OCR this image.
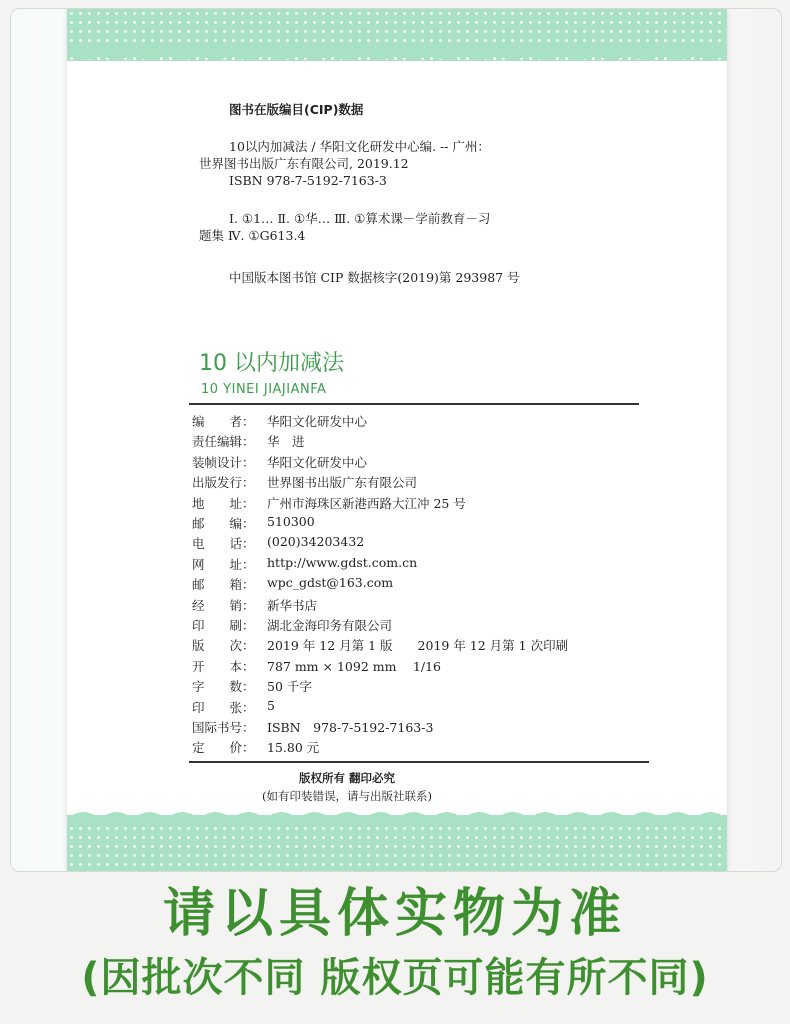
图书在版编目(CIP)数据
10以内加减法 / 华阳文化研发中心编. -- 广州：
世界图书出版广东有限公司, 2019.12
ISBN 978-7-5192-7163-3
Ⅰ. ①1… Ⅱ. ①华… Ⅲ. ①算术课－学前教育－习
题集 Ⅳ. ①G613.4
中国版本图书馆 CIP 数据核字(2019)第 293987 号
10 以内加减法
10 YINEI JIAJIANFA
编　　者： 华阳文化研发中心
责任编辑： 华　进
装帧设计： 华阳文化研发中心
出版发行： 世界图书出版广东有限公司
地　　址： 广州市海珠区新港西路大江冲 25 号
邮　　编： 510300
电　　话： (020)34203432
网　　址： http://www.gdst.com.cn
邮　　箱： wpc_gdst@163.com
经　　销： 新华书店
印　　刷： 湖北金海印务有限公司
版　　次： 2019 年 12 月第 1 版　　2019 年 12 月第 1 次印刷
开　　本： 787 mm × 1092 mm　 1/16
字　　数： 50 千字
印　　张： 5
国际书号： ISBN　978-7-5192-7163-3
定　　价： 15.80 元
版权所有 翻印必究
(如有印装错误，请与出版社联系)
请以具体实物为准
(因批次不同 版权页可能有所不同)
